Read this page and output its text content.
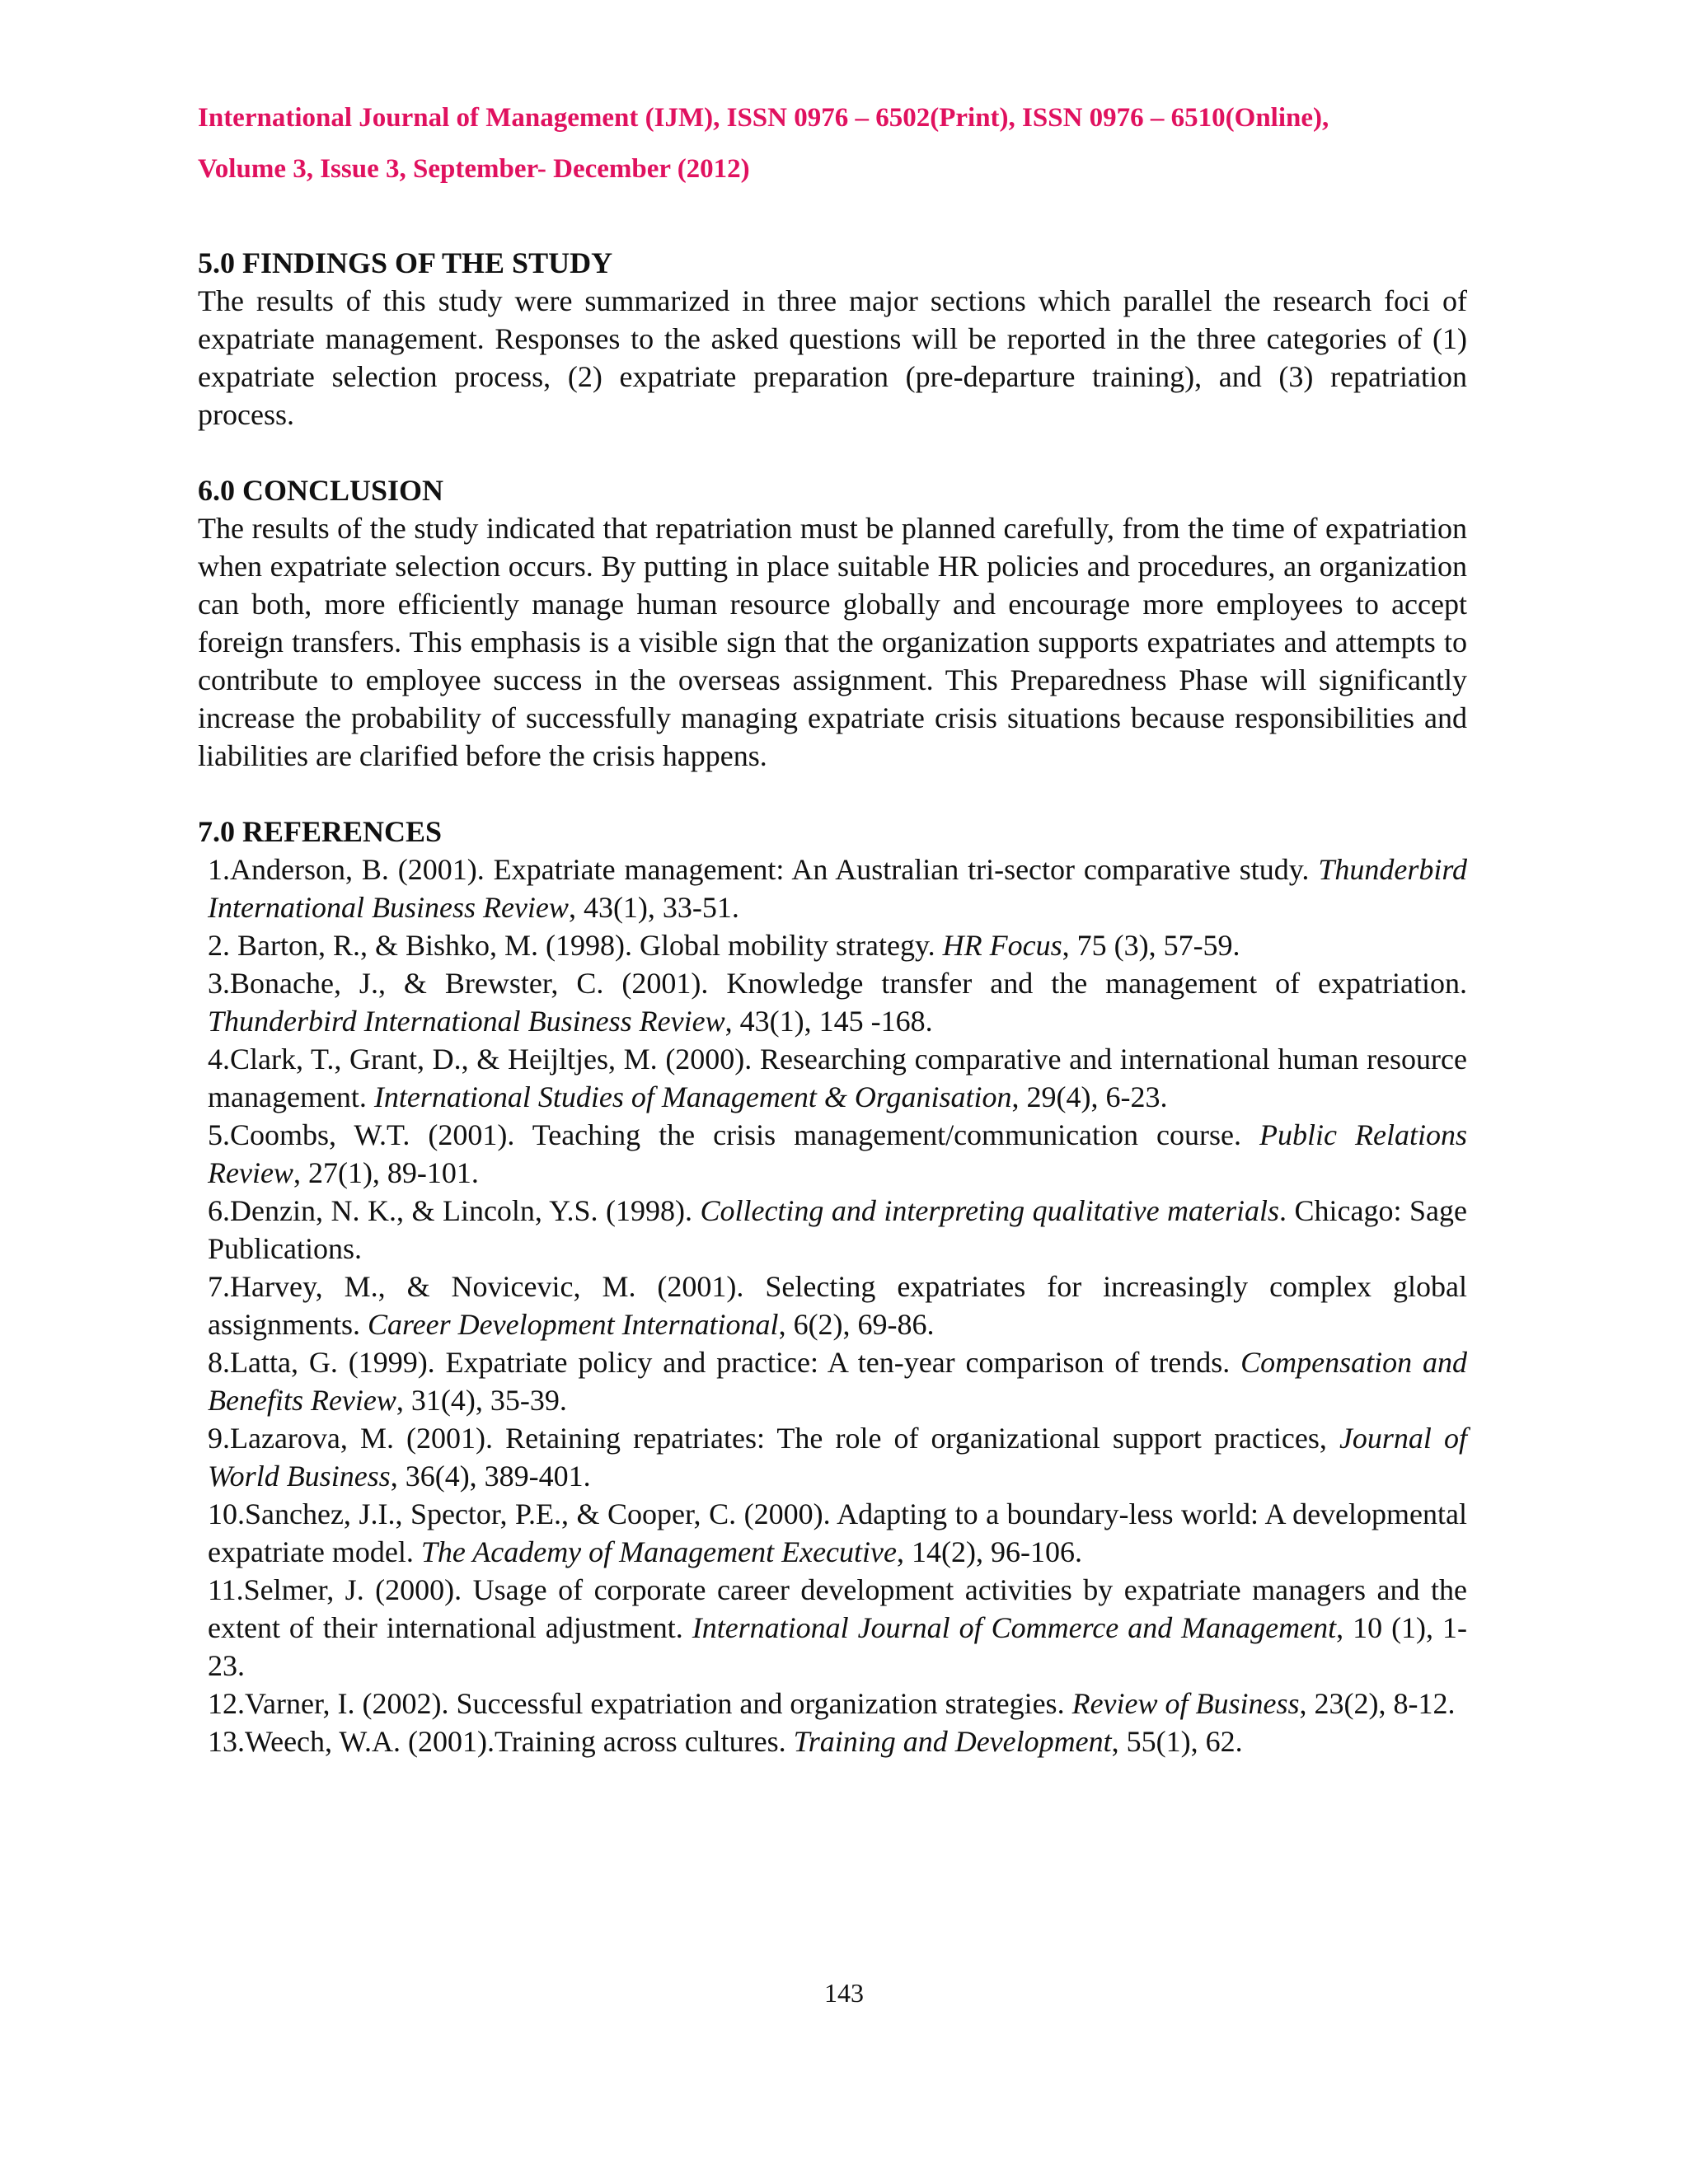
International Journal of Management (IJM), ISSN 0976 – 6502(Print), ISSN 0976 – 6510(Online),
Volume 3, Issue 3, September- December (2012)
5.0 FINDINGS OF THE STUDY

The results of this study were summarized in three major sections which parallel the research foci of expatriate management. Responses to the asked questions will be reported in the three categories of (1) expatriate selection process, (2) expatriate preparation (pre-departure training), and (3) repatriation process.

6.0 CONCLUSION

The results of the study indicated that repatriation must be planned carefully, from the time of expatriation when expatriate selection occurs. By putting in place suitable HR policies and procedures, an organization can both, more efficiently manage human resource globally and encourage more employees to accept foreign transfers. This emphasis is a visible sign that the organization supports expatriates and attempts to contribute to employee success in the overseas assignment. This Preparedness Phase will significantly increase the probability of successfully managing expatriate crisis situations because responsibilities and liabilities are clarified before the crisis happens.

7.0 REFERENCES
1.Anderson, B. (2001). Expatriate management: An Australian tri-sector comparative study. Thunderbird International Business Review, 43(1), 33-51.
2. Barton, R., & Bishko, M. (1998). Global mobility strategy. HR Focus, 75 (3), 57-59.
3.Bonache, J., & Brewster, C. (2001). Knowledge transfer and the management of expatriation. Thunderbird International Business Review, 43(1), 145 -168.
4.Clark, T., Grant, D., & Heijltjes, M. (2000). Researching comparative and international human resource management. International Studies of Management & Organisation, 29(4), 6-23.
5.Coombs, W.T. (2001). Teaching the crisis management/communication course. Public Relations Review, 27(1), 89-101.
6.Denzin, N. K., & Lincoln, Y.S. (1998). Collecting and interpreting qualitative materials. Chicago: Sage Publications.
7.Harvey, M., & Novicevic, M. (2001). Selecting expatriates for increasingly complex global assignments. Career Development International, 6(2), 69-86.
8.Latta, G. (1999). Expatriate policy and practice: A ten-year comparison of trends. Compensation and Benefits Review, 31(4), 35-39.
9.Lazarova, M. (2001). Retaining repatriates: The role of organizational support practices, Journal of World Business, 36(4), 389-401.
10.Sanchez, J.I., Spector, P.E., & Cooper, C. (2000). Adapting to a boundary-less world: A developmental expatriate model. The Academy of Management Executive, 14(2), 96-106.
11.Selmer, J. (2000). Usage of corporate career development activities by expatriate managers and the extent of their international adjustment. International Journal of Commerce and Management, 10 (1), 1-23.
12.Varner, I. (2002). Successful expatriation and organization strategies. Review of Business, 23(2), 8-12.
13.Weech, W.A. (2001).Training across cultures. Training and Development, 55(1), 62.
143
